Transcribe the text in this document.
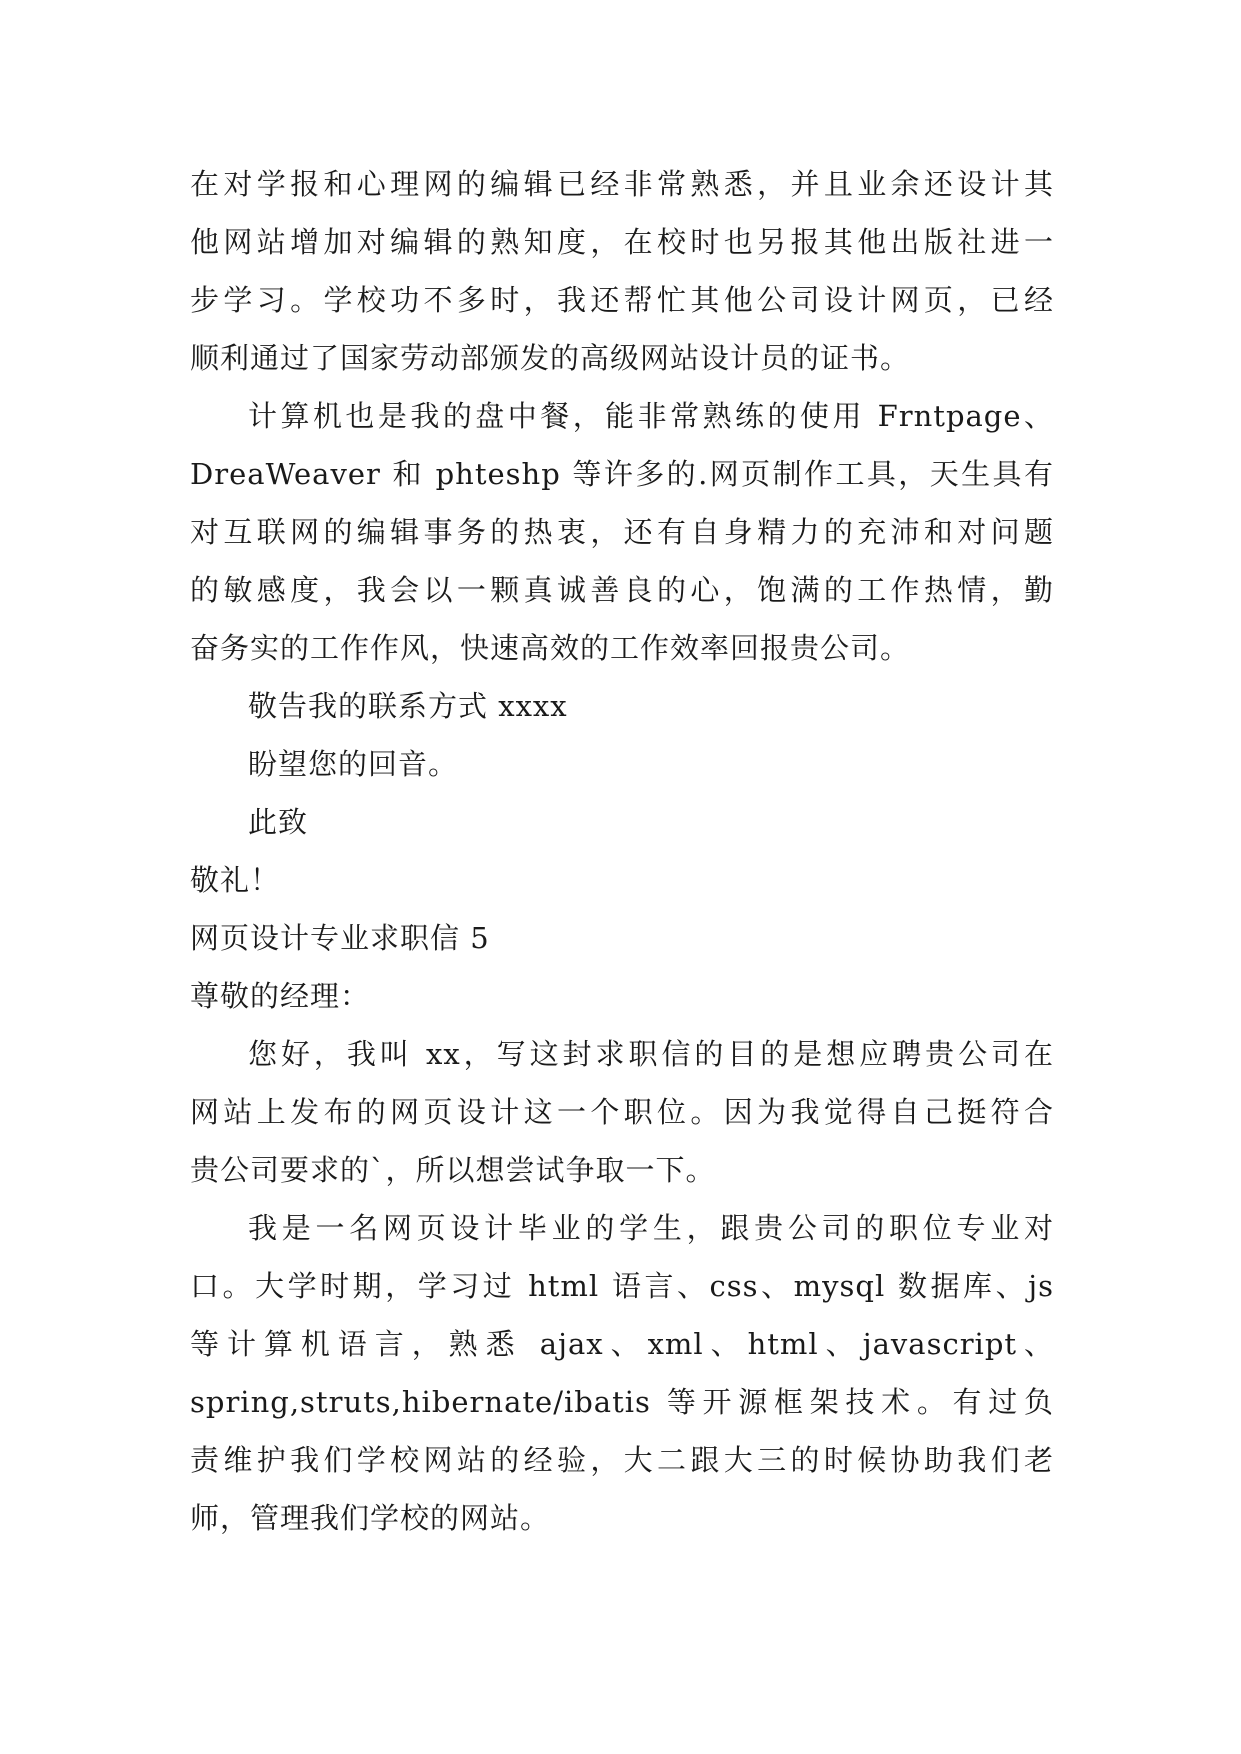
在对学报和心理网的编辑已经非常熟悉，并且业余还设计其
他网站增加对编辑的熟知度，在校时也另报其他出版社进一
步学习。学校功不多时，我还帮忙其他公司设计网页，已经
顺利通过了国家劳动部颁发的高级网站设计员的证书。

计算机也是我的盘中餐，能非常熟练的使用 Frntpage、
DreaWeaver 和 phteshp 等许多的.网页制作工具，天生具有
对互联网的编辑事务的热衷，还有自身精力的充沛和对问题
的敏感度，我会以一颗真诚善良的心，饱满的工作热情，勤
奋务实的工作作风，快速高效的工作效率回报贵公司。

敬告我的联系方式 xxxx

盼望您的回音。

此致

敬礼！

网页设计专业求职信 5

尊敬的经理：

您好，我叫 xx，写这封求职信的目的是想应聘贵公司在
网站上发布的网页设计这一个职位。因为我觉得自己挺符合
贵公司要求的`，所以想尝试争取一下。

我是一名网页设计毕业的学生，跟贵公司的职位专业对
口。大学时期，学习过 html 语言、css、mysql 数据库、js
等计算机语言，熟悉 ajax、xml、html、javascript、
spring,struts,hibernate/ibatis 等开源框架技术。有过负
责维护我们学校网站的经验，大二跟大三的时候协助我们老
师，管理我们学校的网站。
